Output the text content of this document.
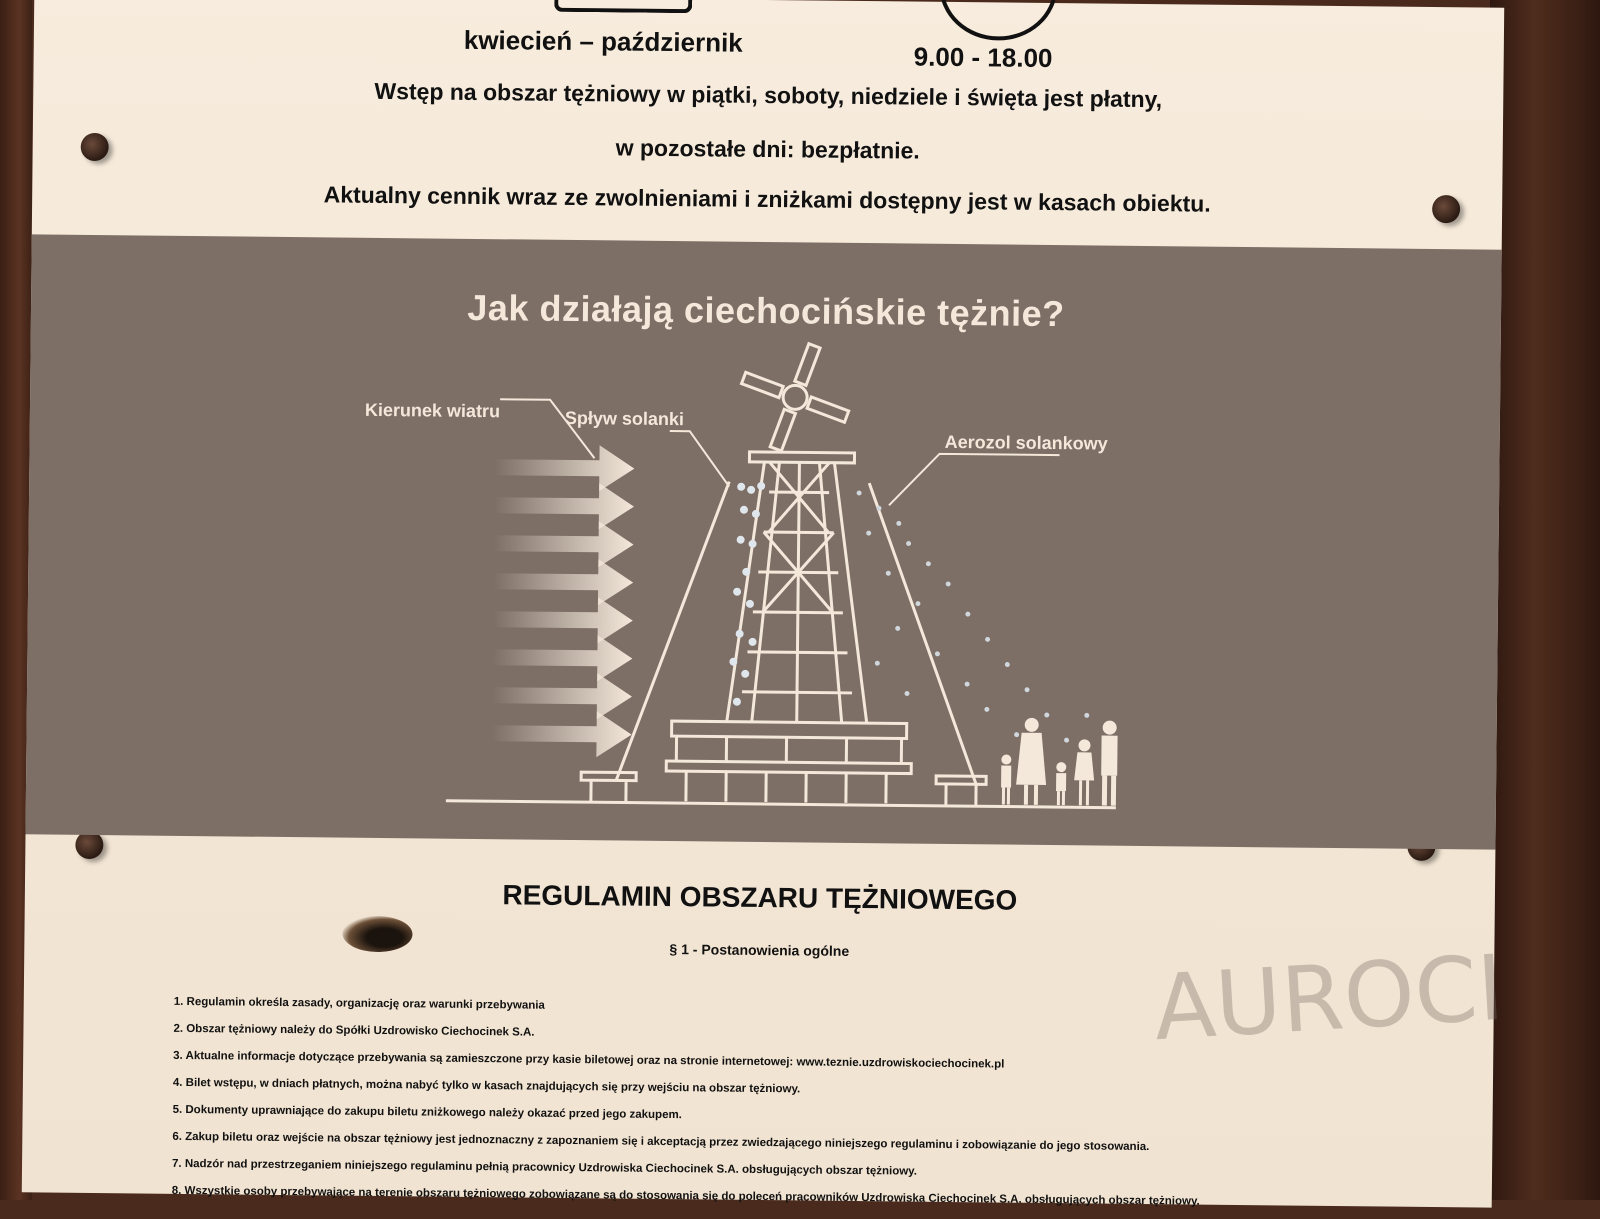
kwiecień – październik	9.00 - 18.00
Wstęp na obszar tężniowy w piątki, soboty, niedziele i święta jest płatny,
w pozostałe dni: bezpłatnie.
Aktualny cennik wraz ze zwolnieniami i zniżkami dostępny jest w kasach obiektu.
Jak działają ciechocińskie tężnie?
Kierunek wiatru	Spływ solanki
Aerozol solankowy
AUROCI
REGULAMIN OBSZARU TĘŻNIOWEGO
§ 1 - Postanowienia ogólne
1. Regulamin określa zasady, organizację oraz warunki przebywania
2. Obszar tężniowy należy do Spółki Uzdrowisko Ciechocinek S.A.
3. Aktualne informacje dotyczące przebywania są zamieszczone przy kasie biletowej oraz na stronie internetowej: www.teznie.uzdrowiskociechocinek.pl
4. Bilet wstępu, w dniach płatnych, można nabyć tylko w kasach znajdujących się przy wejściu na obszar tężniowy.
5. Dokumenty uprawniające do zakupu biletu zniżkowego należy okazać przed jego zakupem.
6. Zakup biletu oraz wejście na obszar tężniowy jest jednoznaczny z zapoznaniem się i akceptacją przez zwiedzającego niniejszego regulaminu i zobowiązanie do jego stosowania.
7. Nadzór nad przestrzeganiem niniejszego regulaminu pełnią pracownicy Uzdrowiska Ciechocinek S.A. obsługujących obszar tężniowy.
8. Wszystkie osoby przebywające na terenie obszaru tężniowego zobowiązane są do stosowania się do poleceń pracowników Uzdrowiska Ciechocinek S.A. obsługujących obszar tężniowy.
